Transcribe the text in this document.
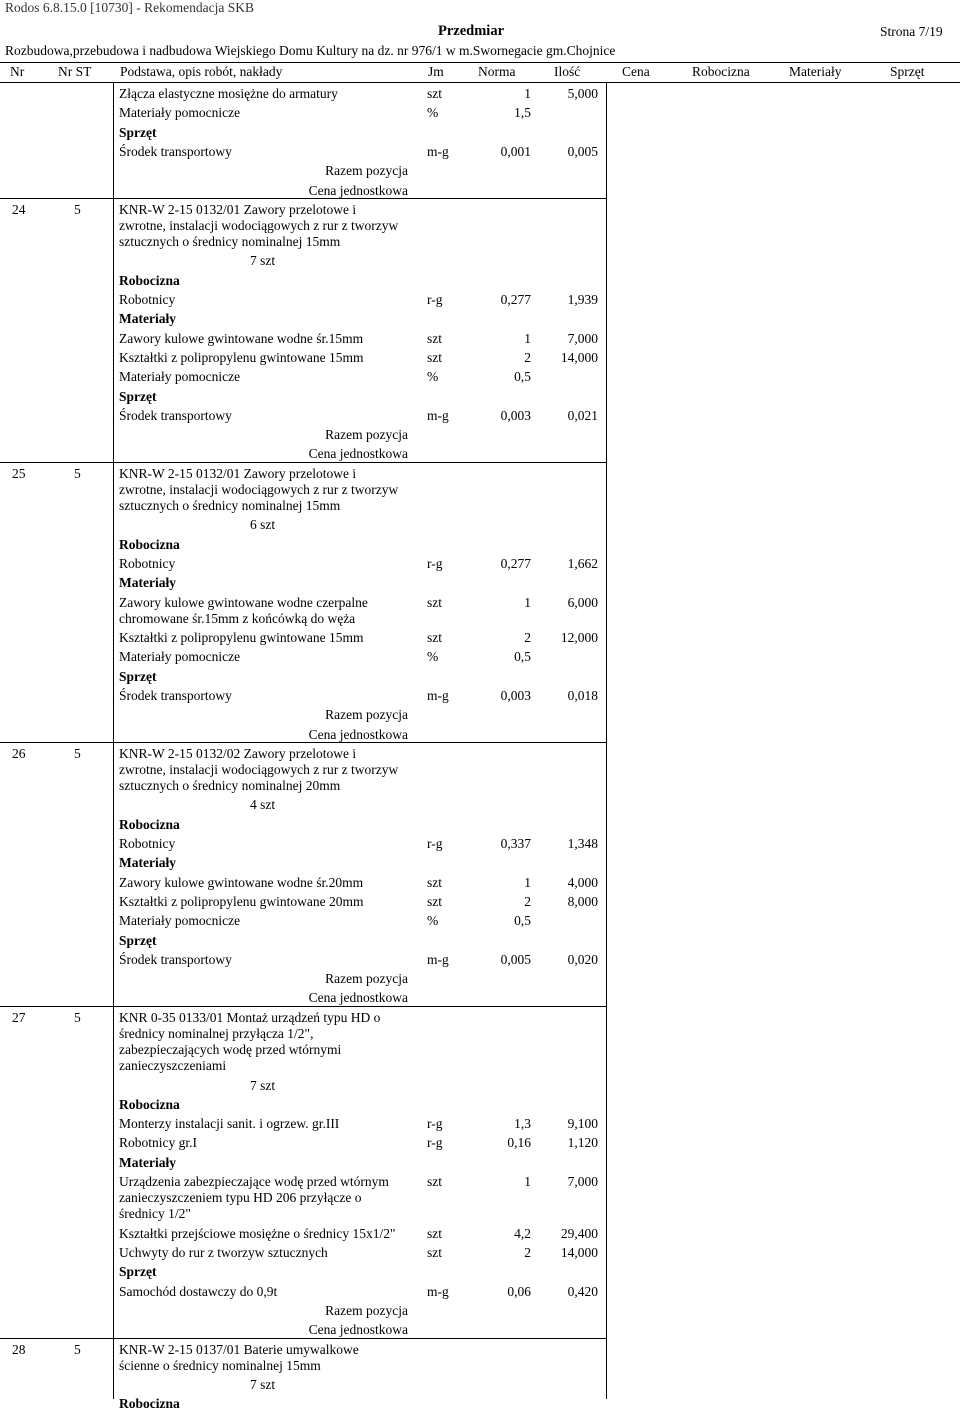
Rodos 6.8.15.0 [10730] - Rekomendacja SKB
Przedmiar	Strona 7/19
Rozbudowa,przebudowa i nadbudowa Wiejskiego Domu Kultury na dz. nr 976/1 w m.Swornegacie gm.Chojnice
Nr	Nr ST Podstawa, opis robót, nakłady	Jm	Norma	Ilość	Cena	Robocizna	Materiały	Sprzęt
Złącza elastyczne mosiężne do armatury	szt	1	5,000
Materiały pomocnicze	%	1,5
Sprzęt
Środek transportowy	m-g	0,001	0,005
Razem pozycja
Cena jednostkowa
24	5	KNR-W 2-15 0132/01 Zawory przelotowe i
zwrotne, instalacji wodociągowych z rur z tworzyw
sztucznych o średnicy nominalnej 15mm
7 szt
Robocizna
Robotnicy	r-g	0,277	1,939
Materiały
Zawory kulowe gwintowane wodne śr.15mm	szt	1	7,000
Kształtki z polipropylenu gwintowane 15mm	szt	2	14,000
Materiały pomocnicze	%	0,5
Sprzęt
Środek transportowy	m-g	0,003	0,021
Razem pozycja
Cena jednostkowa
25	5	KNR-W 2-15 0132/01 Zawory przelotowe i
zwrotne, instalacji wodociągowych z rur z tworzyw
sztucznych o średnicy nominalnej 15mm
6 szt
Robocizna
Robotnicy	r-g	0,277	1,662
Materiały
Zawory kulowe gwintowane wodne czerpalne
chromowane śr.15mm z końcówką do węża
szt	1	6,000
Kształtki z polipropylenu gwintowane 15mm	szt	2	12,000
Materiały pomocnicze	%	0,5
Sprzęt
Środek transportowy	m-g	0,003	0,018
Razem pozycja
Cena jednostkowa
26	5	KNR-W 2-15 0132/02 Zawory przelotowe i
zwrotne, instalacji wodociągowych z rur z tworzyw
sztucznych o średnicy nominalnej 20mm
4 szt
Robocizna
Robotnicy	r-g	0,337	1,348
Materiały
Zawory kulowe gwintowane wodne śr.20mm	szt	1	4,000
Kształtki z polipropylenu gwintowane 20mm	szt	2	8,000
Materiały pomocnicze	%	0,5
Sprzęt
Środek transportowy	m-g	0,005	0,020
Razem pozycja
Cena jednostkowa
27	5	KNR 0-35 0133/01 Montaż urządzeń typu HD o
średnicy nominalnej przyłącza 1/2",
zabezpieczających wodę przed wtórnymi
zanieczyszczeniami
7 szt
Robocizna
Monterzy instalacji sanit. i ogrzew. gr.III	r-g	1,3	9,100
Robotnicy gr.I	r-g	0,16	1,120
Materiały
Urządzenia zabezpieczające wodę przed wtórnym
zanieczyszczeniem typu HD 206 przyłącze o
średnicy 1/2"
szt	1	7,000
Kształtki przejściowe mosiężne o średnicy 15x1/2" szt	4,2	29,400
Uchwyty do rur z tworzyw sztucznych	szt	2	14,000
Sprzęt
Samochód dostawczy do 0,9t	m-g	0,06	0,420
Razem pozycja
Cena jednostkowa
28	5	KNR-W 2-15 0137/01 Baterie umywalkowe
ścienne o średnicy nominalnej 15mm
7 szt
Robocizna
